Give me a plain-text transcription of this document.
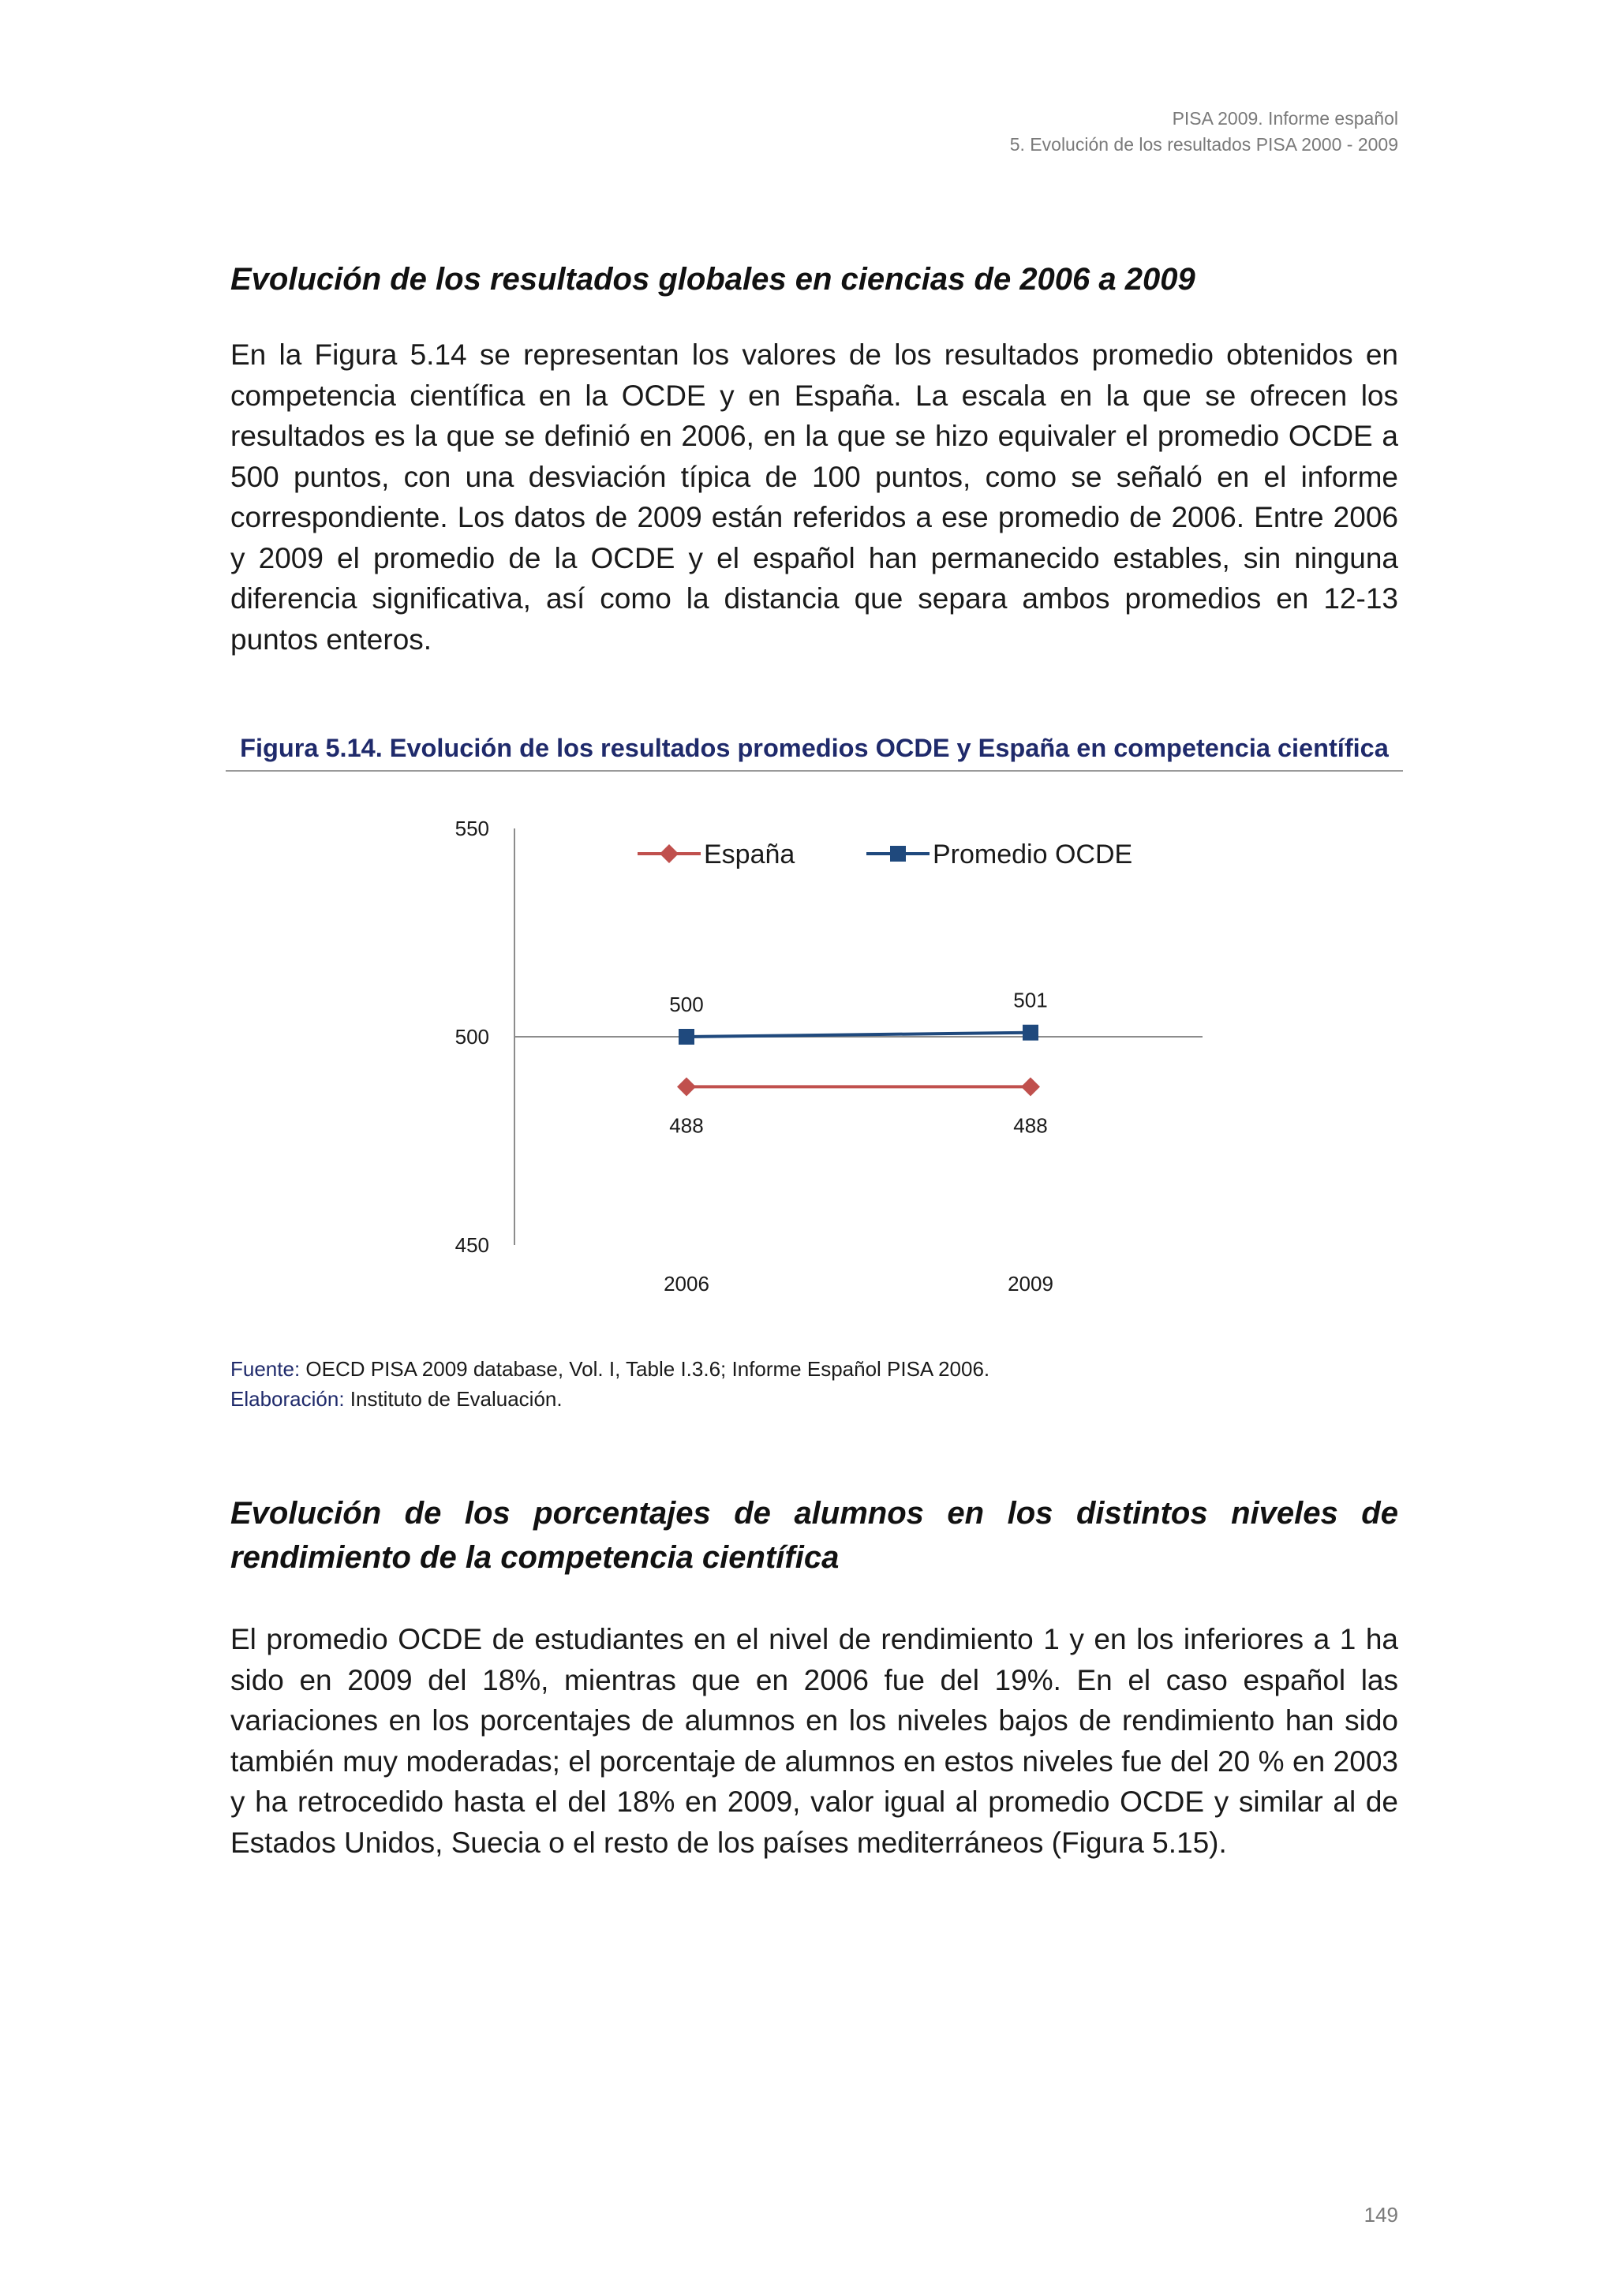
PISA 2009. Informe español
5. Evolución de los resultados PISA 2000 - 2009
Evolución de los resultados globales en ciencias de 2006 a 2009

En la Figura 5.14 se representan los valores de los resultados promedio obtenidos en competencia científica en la OCDE y en España. La escala en la que se ofrecen los resultados es la que se definió en 2006, en la que se hizo equivaler el promedio OCDE a 500 puntos, con una desviación típica de 100 puntos, como se señaló en el informe correspondiente. Los datos de 2009 están referidos a ese promedio de 2006. Entre 2006 y 2009 el promedio de la OCDE y el español han permanecido estables, sin ninguna diferencia significativa, así como la distancia que separa ambos promedios en 12-13 puntos enteros.

Figura 5.14. Evolución de los resultados promedios OCDE y España en competencia científica
450
500
550
2006	2009
488	488
500	501
España	Promedio OCDE
Fuente: OECD PISA 2009 database, Vol. I, Table I.3.6; Informe Español PISA 2006.
Elaboración: Instituto de Evaluación.
Evolución de los porcentajes de alumnos en los distintos niveles de rendimiento de la competencia científica

El promedio OCDE de estudiantes en el nivel de rendimiento 1 y en los inferiores a 1 ha sido en 2009 del 18%, mientras que en 2006 fue del 19%. En el caso español las variaciones en los porcentajes de alumnos en los niveles bajos de rendimiento han sido también muy moderadas; el porcentaje de alumnos en estos niveles fue del 20 % en 2003 y ha retrocedido hasta el del 18% en 2009, valor igual al promedio OCDE y similar al de Estados Unidos, Suecia o el resto de los países mediterráneos (Figura 5.15).

149
